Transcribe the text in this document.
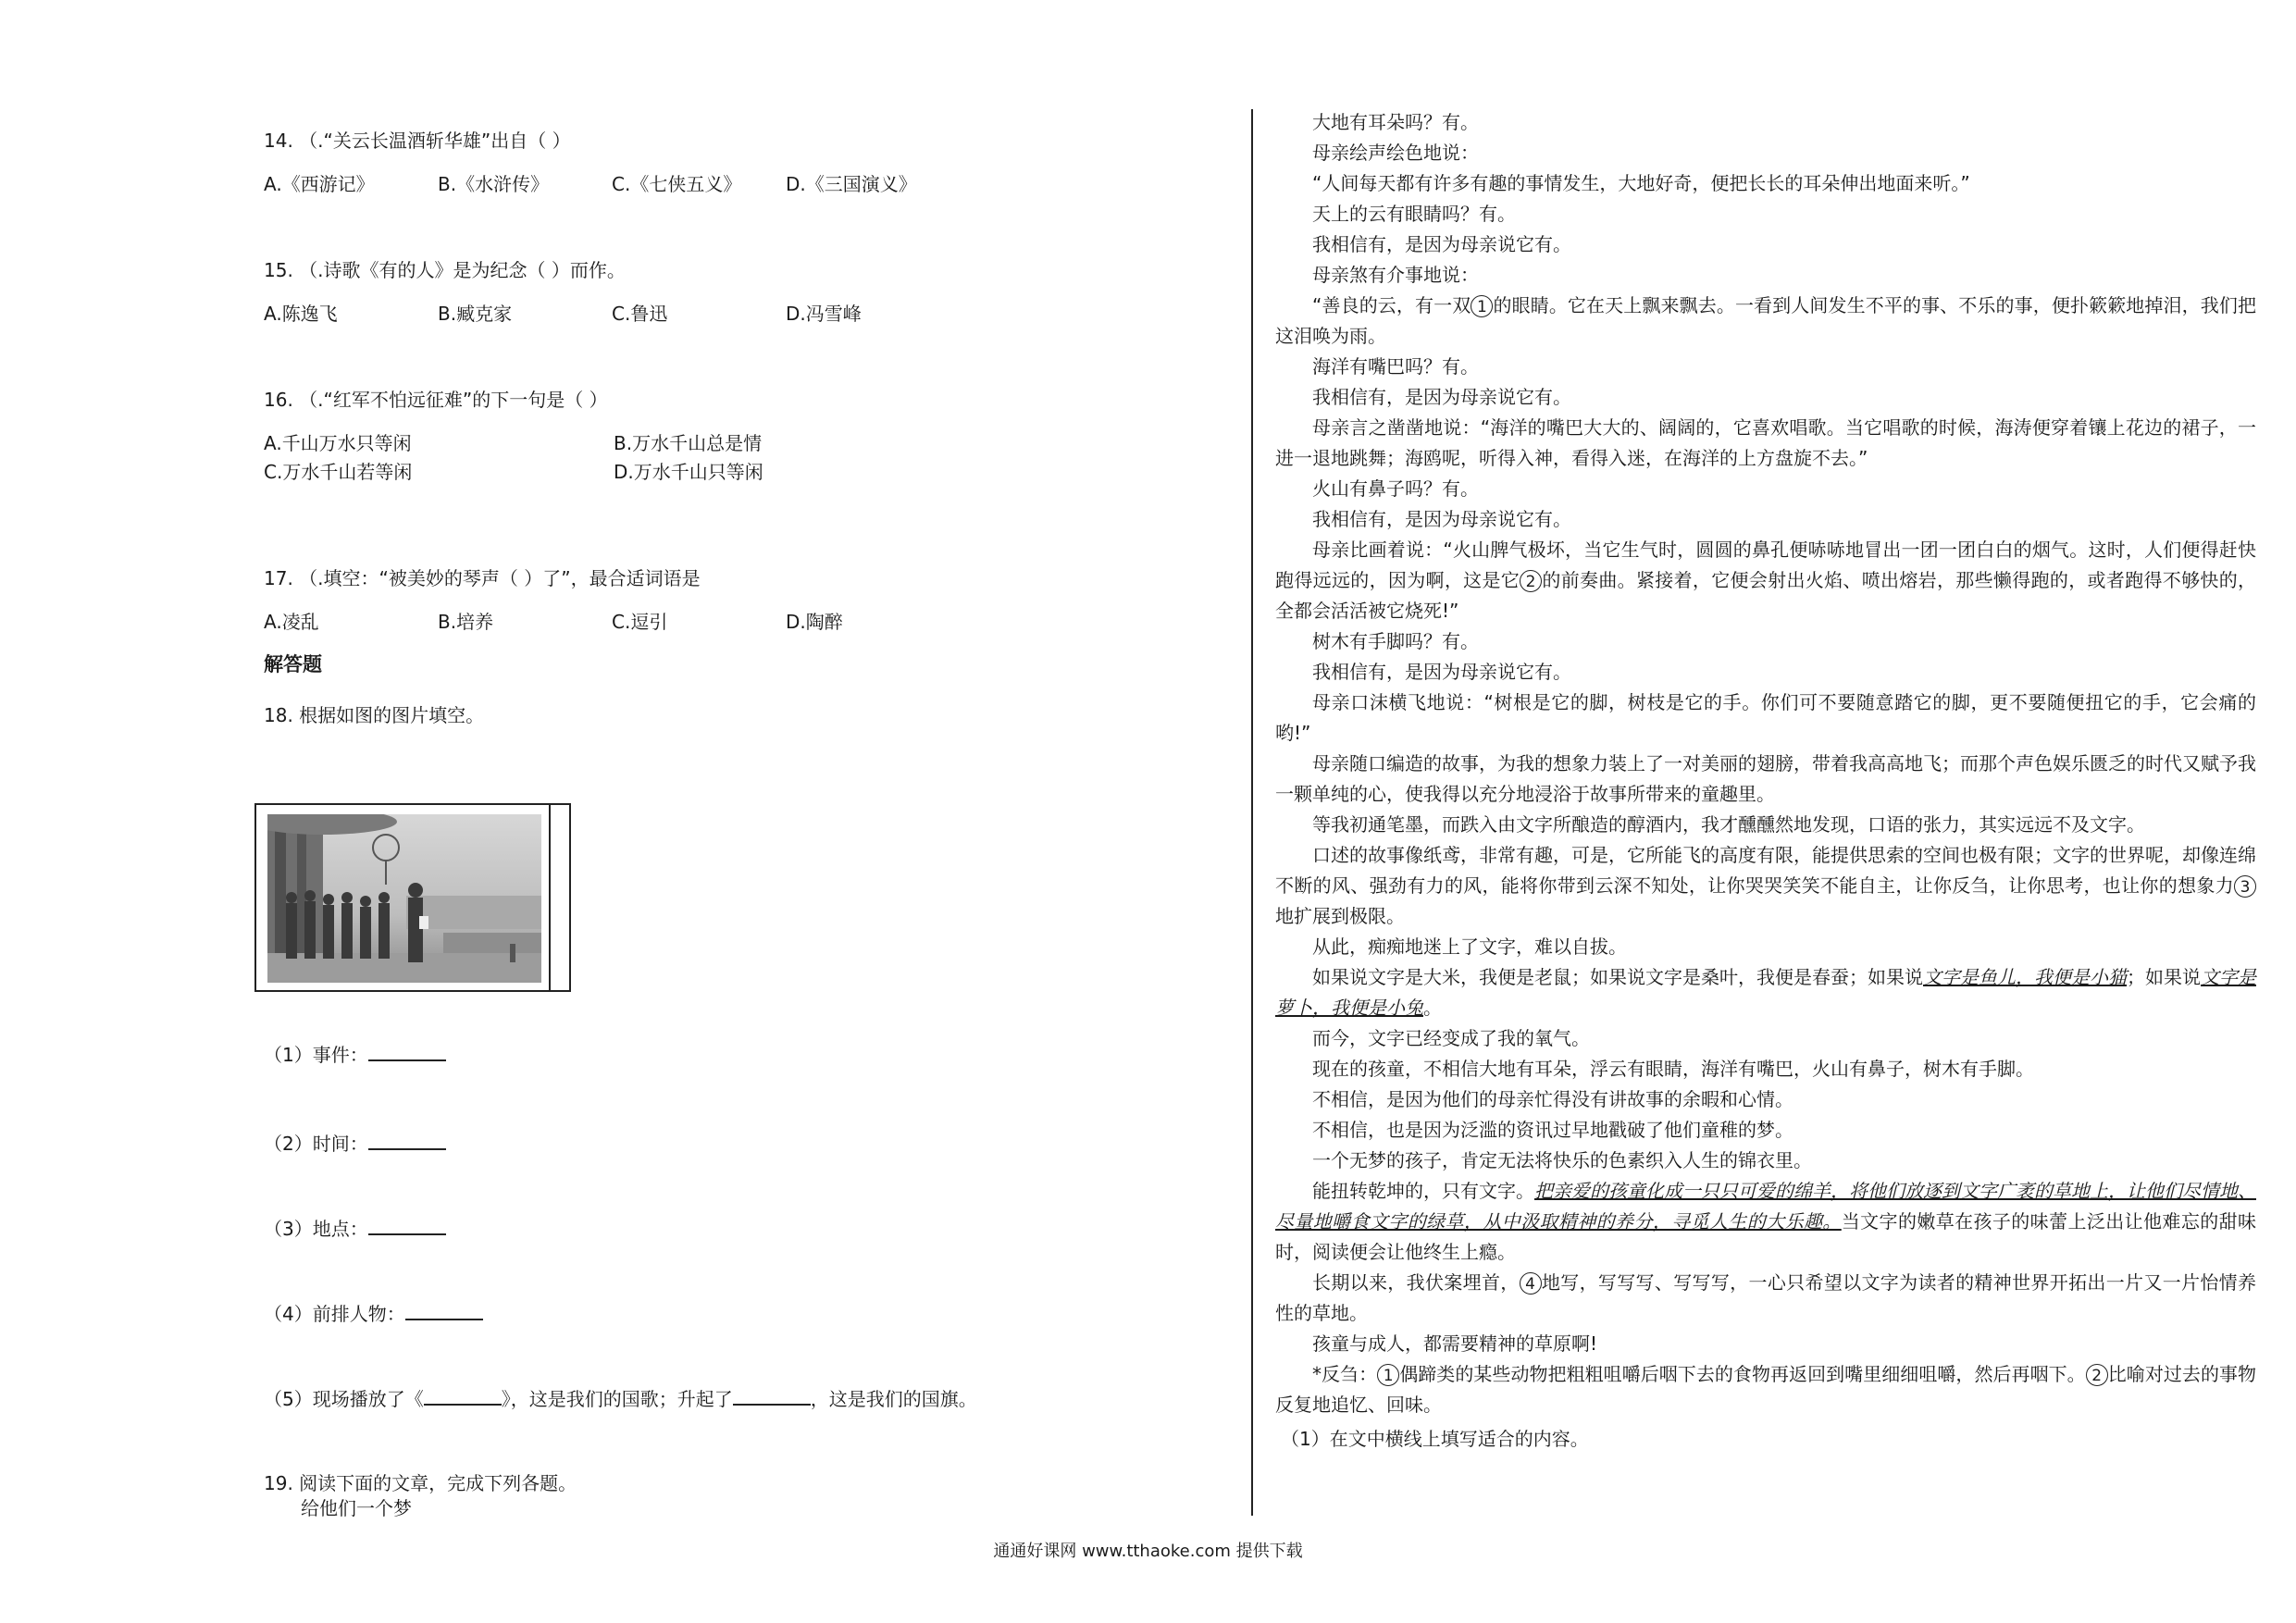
14. （.“关云长温酒斩华雄”出自（ ）

A.《西游记》	B.《水浒传》	C.《七侠五义》	D.《三国演义》

15. （.诗歌《有的人》是为纪念（ ）而作。

A.陈逸飞	B.臧克家	C.鲁迅	D.冯雪峰

16. （.“红军不怕远征难”的下一句是（ ）

A.千山万水只等闲	B.万水千山总是情
C.万水千山若等闲	D.万水千山只等闲

17. （.填空：“被美妙的琴声（ ）了”，最合适词语是

A.凌乱	B.培养	C.逗引	D.陶醉

解答题

18. 根据如图的图片填空。

（1）事件：

（2）时间：

（3）地点：

（4）前排人物：

（5）现场播放了《	》，这是我们的国歌；升起了	，这是我们的国旗。

19. 阅读下面的文章，完成下列各题。

给他们一个梦

大地有耳朵吗？有。

母亲绘声绘色地说：

“人间每天都有许多有趣的事情发生，大地好奇，便把长长的耳朵伸出地面来听。”

天上的云有眼睛吗？有。

我相信有，是因为母亲说它有。

母亲煞有介事地说：

“善良的云，有一双 1 的眼睛。它在天上飘来飘去。一看到人间发生不平的事、不乐的事，便扑簌簌地掉泪，我们把这泪唤为雨。

海洋有嘴巴吗？有。

我相信有，是因为母亲说它有。

母亲言之凿凿地说：“海洋的嘴巴大大的、阔阔的，它喜欢唱歌。当它唱歌的时候，海涛便穿着镶上花边的裙子，一进一退地跳舞；海鸥呢，听得入神，看得入迷，在海洋的上方盘旋不去。”

火山有鼻子吗？有。

我相信有，是因为母亲说它有。

母亲比画着说：“火山脾气极坏，当它生气时，圆圆的鼻孔便哧哧地冒出一团一团白白的烟气。这时，人们便得赶快跑得远远的，因为啊，这是它 2 的前奏曲。紧接着，它便会射出火焰、喷出熔岩，那些懒得跑的，或者跑得不够快的，全都会活活被它烧死!”

树木有手脚吗？有。

我相信有，是因为母亲说它有。

母亲口沫横飞地说：“树根是它的脚，树枝是它的手。你们可不要随意踏它的脚，更不要随便扭它的手，它会痛的哟!”

母亲随口编造的故事，为我的想象力装上了一对美丽的翅膀，带着我高高地飞；而那个声色娱乐匮乏的时代又赋予我一颗单纯的心，使我得以充分地浸浴于故事所带来的童趣里。

等我初通笔墨，而跌入由文字所酿造的醇酒内，我才醺醺然地发现，口语的张力，其实远远不及文字。

口述的故事像纸鸢，非常有趣，可是，它所能飞的高度有限，能提供思索的空间也极有限；文字的世界呢，却像连绵不断的风、强劲有力的风，能将你带到云深不知处，让你哭哭笑笑不能自主，让你反刍，让你思考，也让你的想象力 3地扩展到极限。

从此，痴痴地迷上了文字，难以自拔。

如果说文字是大米，我便是老鼠；如果说文字是桑叶，我便是春蚕；如果说文字是鱼儿，我便是小猫；如果说文字是萝卜，我便是小兔。

而今，文字已经变成了我的氧气。

现在的孩童，不相信大地有耳朵，浮云有眼睛，海洋有嘴巴，火山有鼻子，树木有手脚。

不相信，是因为他们的母亲忙得没有讲故事的余暇和心情。

不相信，也是因为泛滥的资讯过早地戳破了他们童稚的梦。

一个无梦的孩子，肯定无法将快乐的色素织入人生的锦衣里。

能扭转乾坤的，只有文字。把亲爱的孩童化成一只只可爱的绵羊，将他们放逐到文字广袤的草地上，让他们尽情地、尽量地嚼食文字的绿草，从中汲取精神的养分，寻觅人生的大乐趣。当文字的嫩草在孩子的味蕾上泛出让他难忘的甜味时，阅读便会让他终生上瘾。

长期以来，我伏案埋首， 4 地写，写写写、写写写，一心只希望以文字为读者的精神世界开拓出一片又一片怡情养性的草地。

孩童与成人，都需要精神的草原啊!

*反刍： 1 偶蹄类的某些动物把粗粗咀嚼后咽下去的食物再返回到嘴里细细咀嚼，然后再咽下。 2 比喻对过去的事物反复地追忆、回味。

（1）在文中横线上填写适合的内容。

通通好课网 www.tthaoke.com 提供下载
